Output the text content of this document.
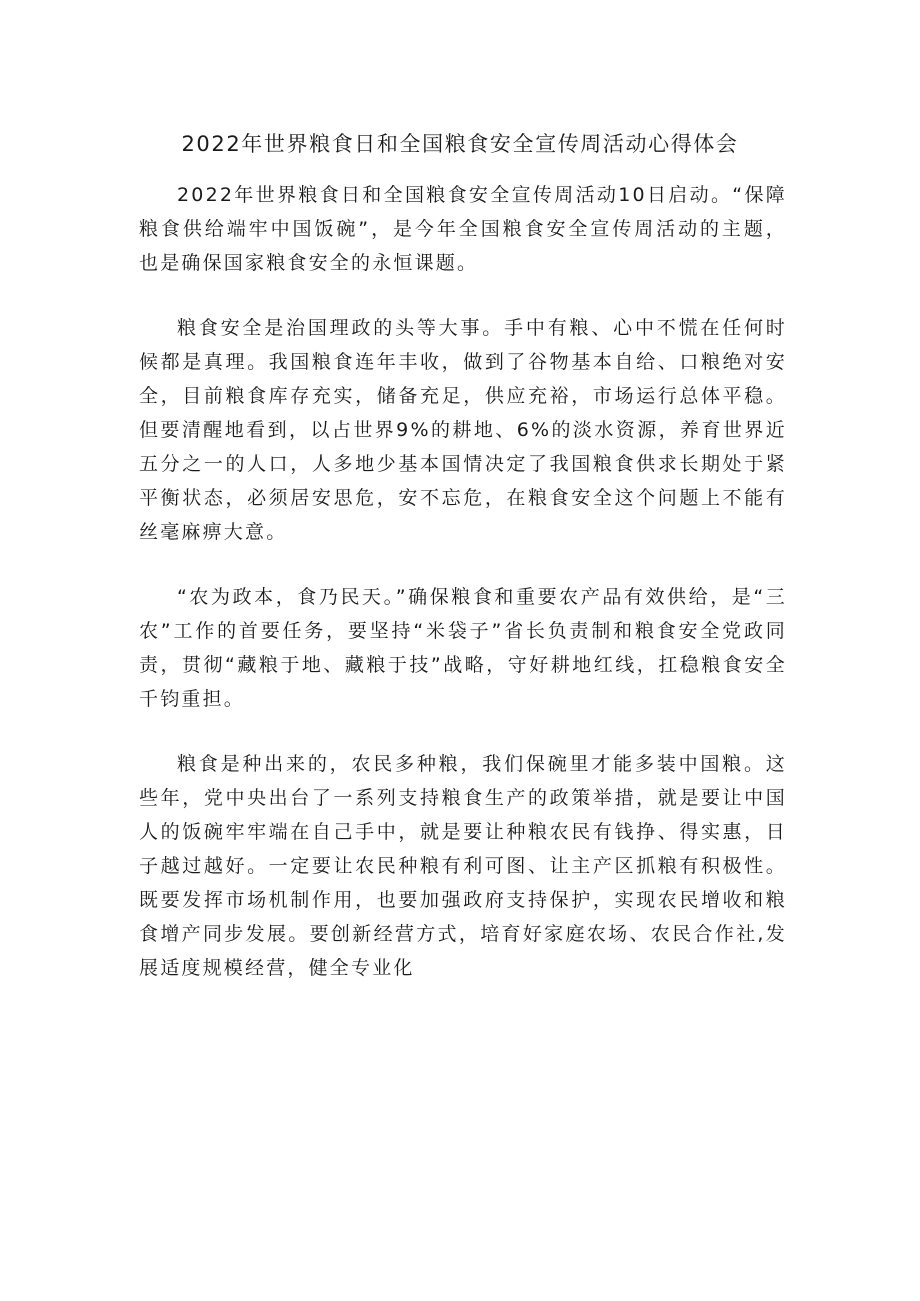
2022年世界粮食日和全国粮食安全宣传周活动心得体会

2022年世界粮食日和全国粮食安全宣传周活动10日启动。“保障粮食供给端牢中国饭碗”，是今年全国粮食安全宣传周活动的主题，也是确保国家粮食安全的永恒课题。

粮食安全是治国理政的头等大事。手中有粮、心中不慌在任何时候都是真理。我国粮食连年丰收，做到了谷物基本自给、口粮绝对安全，目前粮食库存充实，储备充足，供应充裕，市场运行总体平稳。但要清醒地看到，以占世界9%的耕地、6%的淡水资源，养育世界近五分之一的人口，人多地少基本国情决定了我国粮食供求长期处于紧平衡状态，必须居安思危，安不忘危，在粮食安全这个问题上不能有丝毫麻痹大意。

“农为政本，食乃民天。”确保粮食和重要农产品有效供给，是“三农”工作的首要任务，要坚持“米袋子”省长负责制和粮食安全党政同责，贯彻“藏粮于地、藏粮于技”战略，守好耕地红线，扛稳粮食安全千钧重担。

粮食是种出来的，农民多种粮，我们保碗里才能多装中国粮。这些年，党中央出台了一系列支持粮食生产的政策举措，就是要让中国人的饭碗牢牢端在自己手中，就是要让种粮农民有钱挣、得实惠，日子越过越好。一定要让农民种粮有利可图、让主产区抓粮有积极性。既要发挥市场机制作用，也要加强政府支持保护，实现农民增收和粮食增产同步发展。要创新经营方式，培育好家庭农场、农民合作社,发展适度规模经营，健全专业化
